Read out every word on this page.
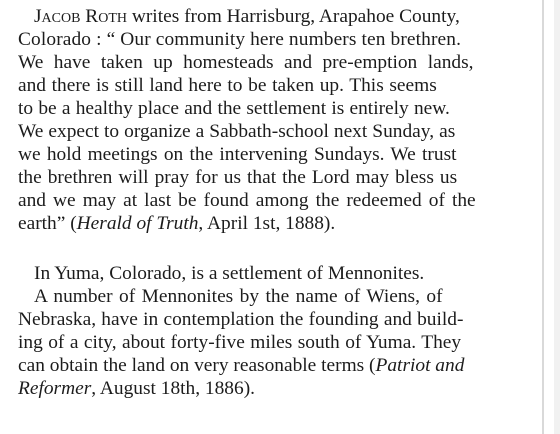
Jacob Roth writes from Harrisburg, Arapahoe County,
Colorado : “ Our community here numbers ten brethren.
We have taken up homesteads and pre-emption lands,
and there is still land here to be taken up. This seems
to be a healthy place and the settlement is entirely new.
We expect to organize a Sabbath-school next Sunday, as
we hold meetings on the intervening Sundays. We trust
the brethren will pray for us that the Lord may bless us
and we may at last be found among the redeemed of the
earth” (Herald of Truth, April 1st, 1888).
In Yuma, Colorado, is a settlement of Mennonites.
A number of Mennonites by the name of Wiens, of
Nebraska, have in contemplation the founding and build-
ing of a city, about forty-five miles south of Yuma. They
can obtain the land on very reasonable terms (Patriot and
Reformer, August 18th, 1886).
